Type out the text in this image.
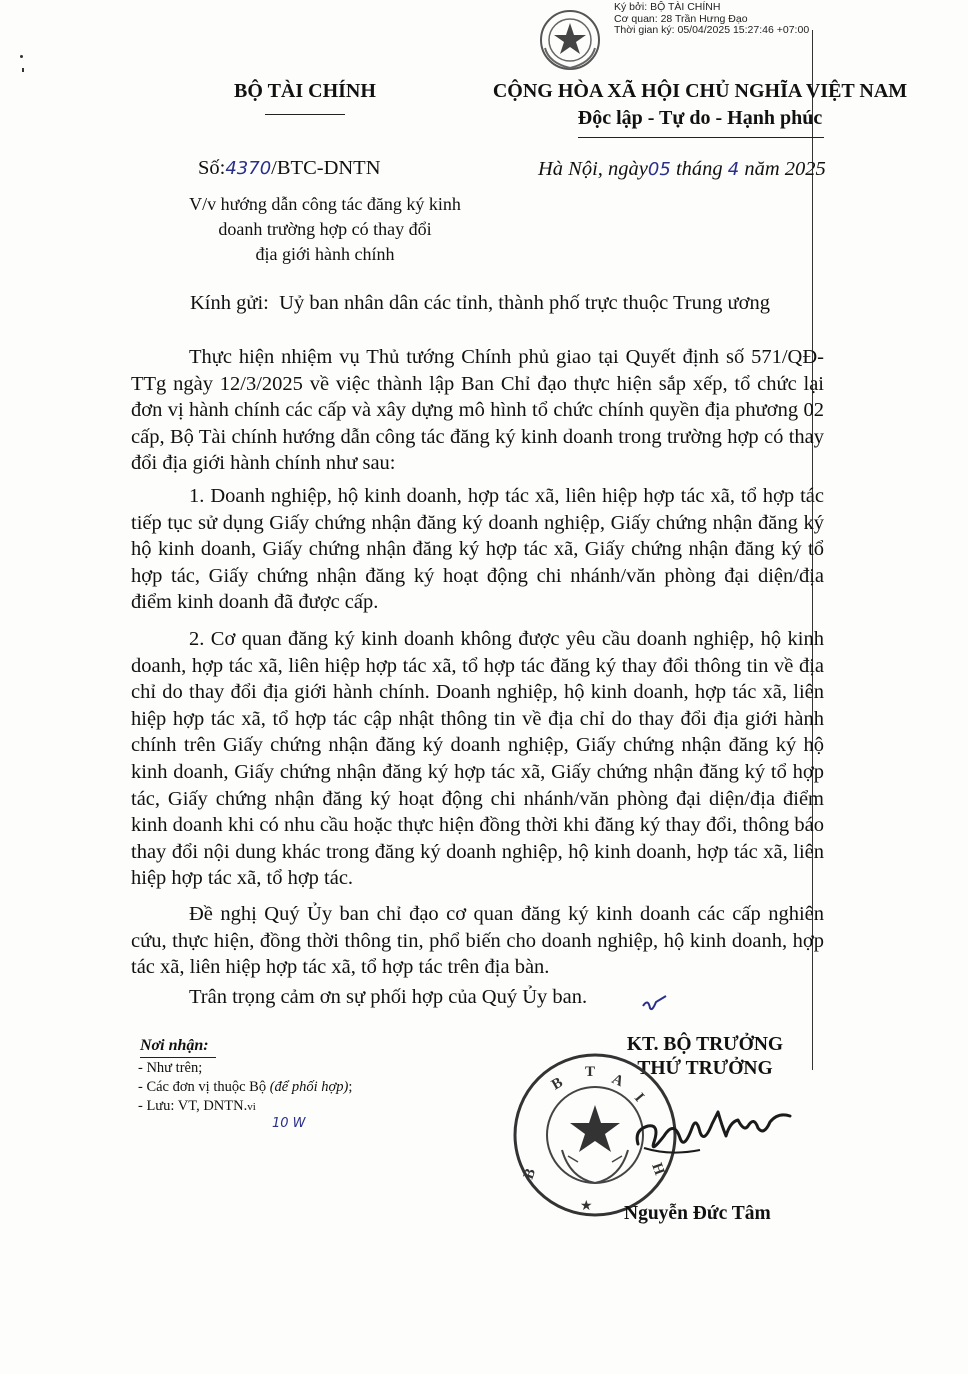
Ký bởi: BỘ TÀI CHÍNH
Cơ quan: 28 Trần Hưng Đạo
Thời gian ký: 05/04/2025 15:27:46 +07:00
BỘ TÀI CHÍNH	CỘNG HÒA XÃ HỘI CHỦ NGHĨA VIỆT NAM
Độc lập - Tự do - Hạnh phúc
Số:4370/BTC-DNTN	Hà Nội, ngày05 tháng 4 năm 2025
V/v hướng dẫn công tác đăng ký kinh
doanh trường hợp có thay đổi
địa giới hành chính
Kính gửi: Uỷ ban nhân dân các tỉnh, thành phố trực thuộc Trung ương
Thực hiện nhiệm vụ Thủ tướng Chính phủ giao tại Quyết định số 571/QĐ-TTg ngày 12/3/2025 về việc thành lập Ban Chỉ đạo thực hiện sắp xếp, tổ chức lại đơn vị hành chính các cấp và xây dựng mô hình tổ chức chính quyền địa phương 02 cấp, Bộ Tài chính hướng dẫn công tác đăng ký kinh doanh trong trường hợp có thay đổi địa giới hành chính như sau:
1. Doanh nghiệp, hộ kinh doanh, hợp tác xã, liên hiệp hợp tác xã, tổ hợp tác tiếp tục sử dụng Giấy chứng nhận đăng ký doanh nghiệp, Giấy chứng nhận đăng ký hộ kinh doanh, Giấy chứng nhận đăng ký hợp tác xã, Giấy chứng nhận đăng ký tổ hợp tác, Giấy chứng nhận đăng ký hoạt động chi nhánh/văn phòng đại diện/địa điểm kinh doanh đã được cấp.
2. Cơ quan đăng ký kinh doanh không được yêu cầu doanh nghiệp, hộ kinh doanh, hợp tác xã, liên hiệp hợp tác xã, tổ hợp tác đăng ký thay đổi thông tin về địa chỉ do thay đổi địa giới hành chính. Doanh nghiệp, hộ kinh doanh, hợp tác xã, liên hiệp hợp tác xã, tổ hợp tác cập nhật thông tin về địa chỉ do thay đổi địa giới hành chính trên Giấy chứng nhận đăng ký doanh nghiệp, Giấy chứng nhận đăng ký hộ kinh doanh, Giấy chứng nhận đăng ký hợp tác xã, Giấy chứng nhận đăng ký tổ hợp tác, Giấy chứng nhận đăng ký hoạt động chi nhánh/văn phòng đại diện/địa điểm kinh doanh khi có nhu cầu hoặc thực hiện đồng thời khi đăng ký thay đổi, thông báo thay đổi nội dung khác trong đăng ký doanh nghiệp, hộ kinh doanh, hợp tác xã, liên hiệp hợp tác xã, tổ hợp tác.
Đề nghị Quý Ủy ban chỉ đạo cơ quan đăng ký kinh doanh các cấp nghiên cứu, thực hiện, đồng thời thông tin, phổ biến cho doanh nghiệp, hộ kinh doanh, hợp tác xã, liên hiệp hợp tác xã, tổ hợp tác trên địa bàn.
Trân trọng cảm ơn sự phối hợp của Quý Ủy ban.
Nơi nhận:
- Như trên;
- Các đơn vị thuộc Bộ (để phối hợp);
- Lưu: VT, DNTN.vi
10 W
KT. BỘ TRƯỞNG
THỨ TRƯỞNG
B
T A
I
B	H
★ Nguyễn Đức Tâm
